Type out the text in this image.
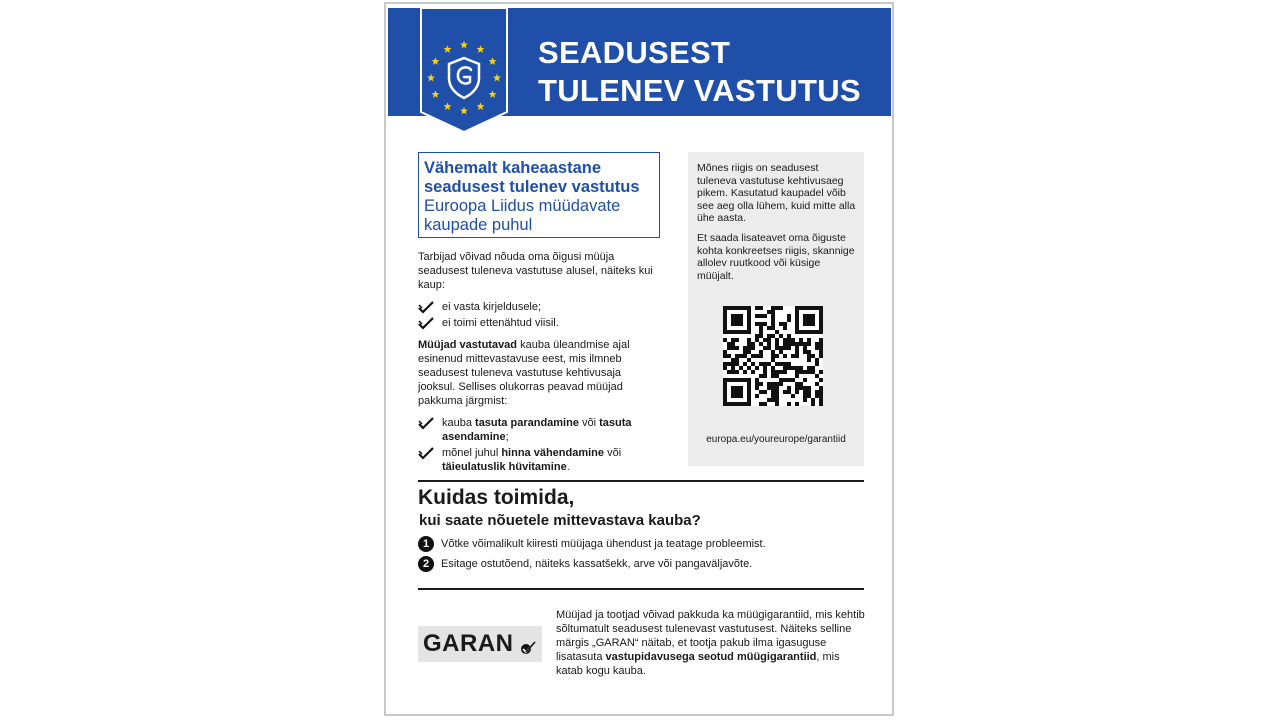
SEADUSEST
TULENEV VASTUTUS
Vähemalt kaheaastane seadusest tulenev vastutus Euroopa Liidus müüdavate kaupade puhul
Tarbijad võivad nõuda oma õigusi müüja seadusest tuleneva vastutuse alusel, näiteks kui kaup:
ei vasta kirjeldusele;
ei toimi ettenähtud viisil.
Müüjad vastutavad kauba üleandmise ajal esinenud mittevastavuse eest, mis ilmneb seadusest tuleneva vastutuse kehtivusaja jooksul. Sellises olukorras peavad müüjad pakkuma järgmist:
kauba tasuta parandamine või tasuta asendamine;
mõnel juhul hinna vähendamine või täieulatuslik hüvitamine.
Mõnes riigis on seadusest tuleneva vastutuse kehtivusaeg pikem. Kasutatud kaupadel võib see aeg olla lühem, kuid mitte alla ühe aasta.
Et saada lisateavet oma õiguste kohta konkreetses riigis, skannige allolev ruutkood või küsige müüjalt.
europa.eu/youreurope/garantiid
Kuidas toimida,
kui saate nõuetele mittevastava kauba?
1 Võtke võimalikult kiiresti müüjaga ühendust ja teatage probleemist.
2 Esitage ostutõend, näiteks kassatšekk, arve või pangaväljavõte.
GARAN
Müüjad ja tootjad võivad pakkuda ka müügigarantiid, mis kehtib sõltumatult seadusest tulenevast vastutusest. Näiteks selline märgis „GARAN“ näitab, et tootja pakub ilma igasuguse lisatasuta vastupidavusega seotud müügigarantiid, mis katab kogu kauba.
